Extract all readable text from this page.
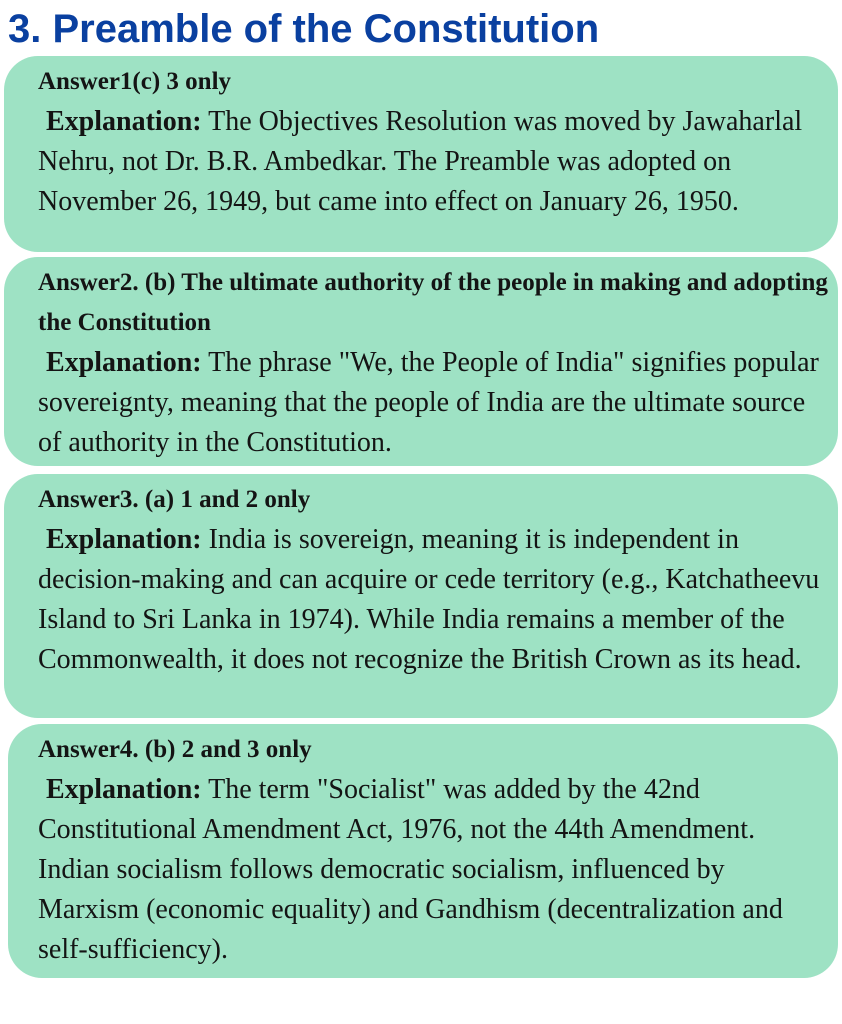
3. Preamble of the Constitution

Answer1(c) 3 only

Explanation: The Objectives Resolution was moved by Jawaharlal Nehru, not Dr. B.R. Ambedkar. The Preamble was adopted on November 26, 1949, but came into effect on January 26, 1950.

Answer2. (b) The ultimate authority of the people in making and adopting the Constitution

Explanation: The phrase "We, the People of India" signifies popular sovereignty, meaning that the people of India are the ultimate source of authority in the Constitution.

Answer3. (a) 1 and 2 only

Explanation: India is sovereign, meaning it is independent in decision-making and can acquire or cede territory (e.g., Katchatheevu Island to Sri Lanka in 1974). While India remains a member of the Commonwealth, it does not recognize the British Crown as its head.

Answer4. (b) 2 and 3 only

Explanation: The term "Socialist" was added by the 42nd Constitutional Amendment Act, 1976, not the 44th Amendment. Indian socialism follows democratic socialism, influenced by Marxism (economic equality) and Gandhism (decentralization and self-sufficiency).
